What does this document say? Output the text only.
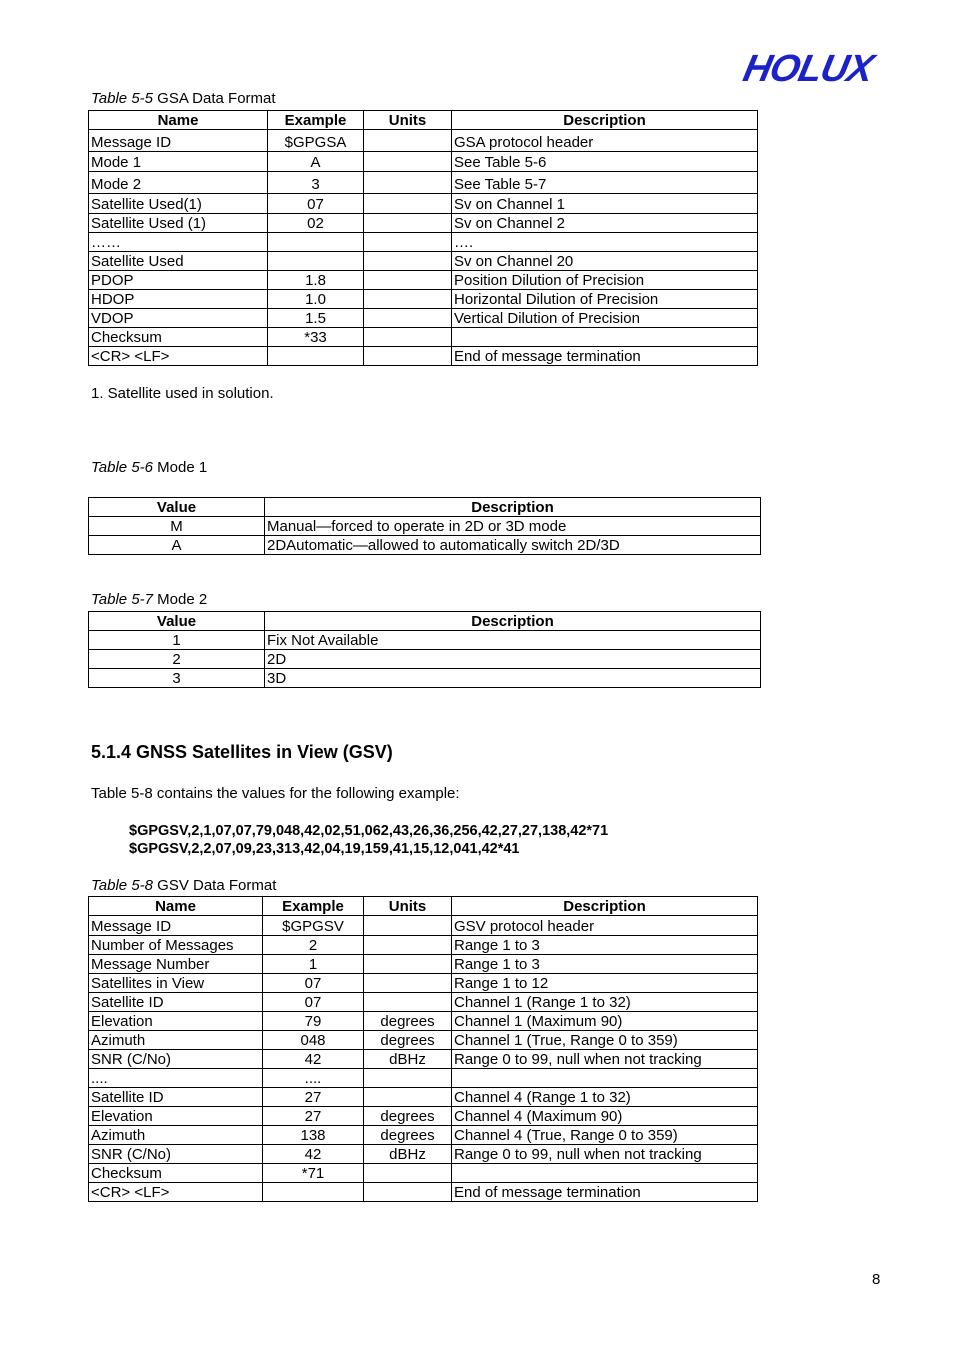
HOLUX
Table 5-5 GSA Data Format
Name	Example	Units	Description
Message ID	$GPGSA		GSA protocol header
Mode 1	A		See Table 5-6
Mode 2	3		See Table 5-7
Satellite Used(1)	07		Sv on Channel 1
Satellite Used (1)	02		Sv on Channel 2
……			….
Satellite Used			Sv on Channel 20
PDOP	1.8		Position Dilution of Precision
HDOP	1.0		Horizontal Dilution of Precision
VDOP	1.5		Vertical Dilution of Precision
Checksum	*33		
<CR> <LF>			End of message termination
1. Satellite used in solution.
Table 5-6 Mode 1
Value	Description
M	Manual—forced to operate in 2D or 3D mode
A	2DAutomatic—allowed to automatically switch 2D/3D
Table 5-7 Mode 2
Value	Description
1	Fix Not Available
2	2D
3	3D
5.1.4 GNSS Satellites in View (GSV)
Table 5-8 contains the values for the following example:
$GPGSV,2,1,07,07,79,048,42,02,51,062,43,26,36,256,42,27,27,138,42*71
$GPGSV,2,2,07,09,23,313,42,04,19,159,41,15,12,041,42*41
Table 5-8 GSV Data Format
Name	Example	Units	Description
Message ID	$GPGSV		GSV protocol header
Number of Messages	2		Range 1 to 3
Message Number	1		Range 1 to 3
Satellites in View	07		Range 1 to 12
Satellite ID	07		Channel 1 (Range 1 to 32)
Elevation	79	degrees	Channel 1 (Maximum 90)
Azimuth	048	degrees	Channel 1 (True, Range 0 to 359)
SNR (C/No)	42	dBHz	Range 0 to 99, null when not tracking
....	....		
Satellite ID	27		Channel 4 (Range 1 to 32)
Elevation	27	degrees	Channel 4 (Maximum 90)
Azimuth	138	degrees	Channel 4 (True, Range 0 to 359)
SNR (C/No)	42	dBHz	Range 0 to 99, null when not tracking
Checksum	*71		
<CR> <LF>			End of message termination
8
